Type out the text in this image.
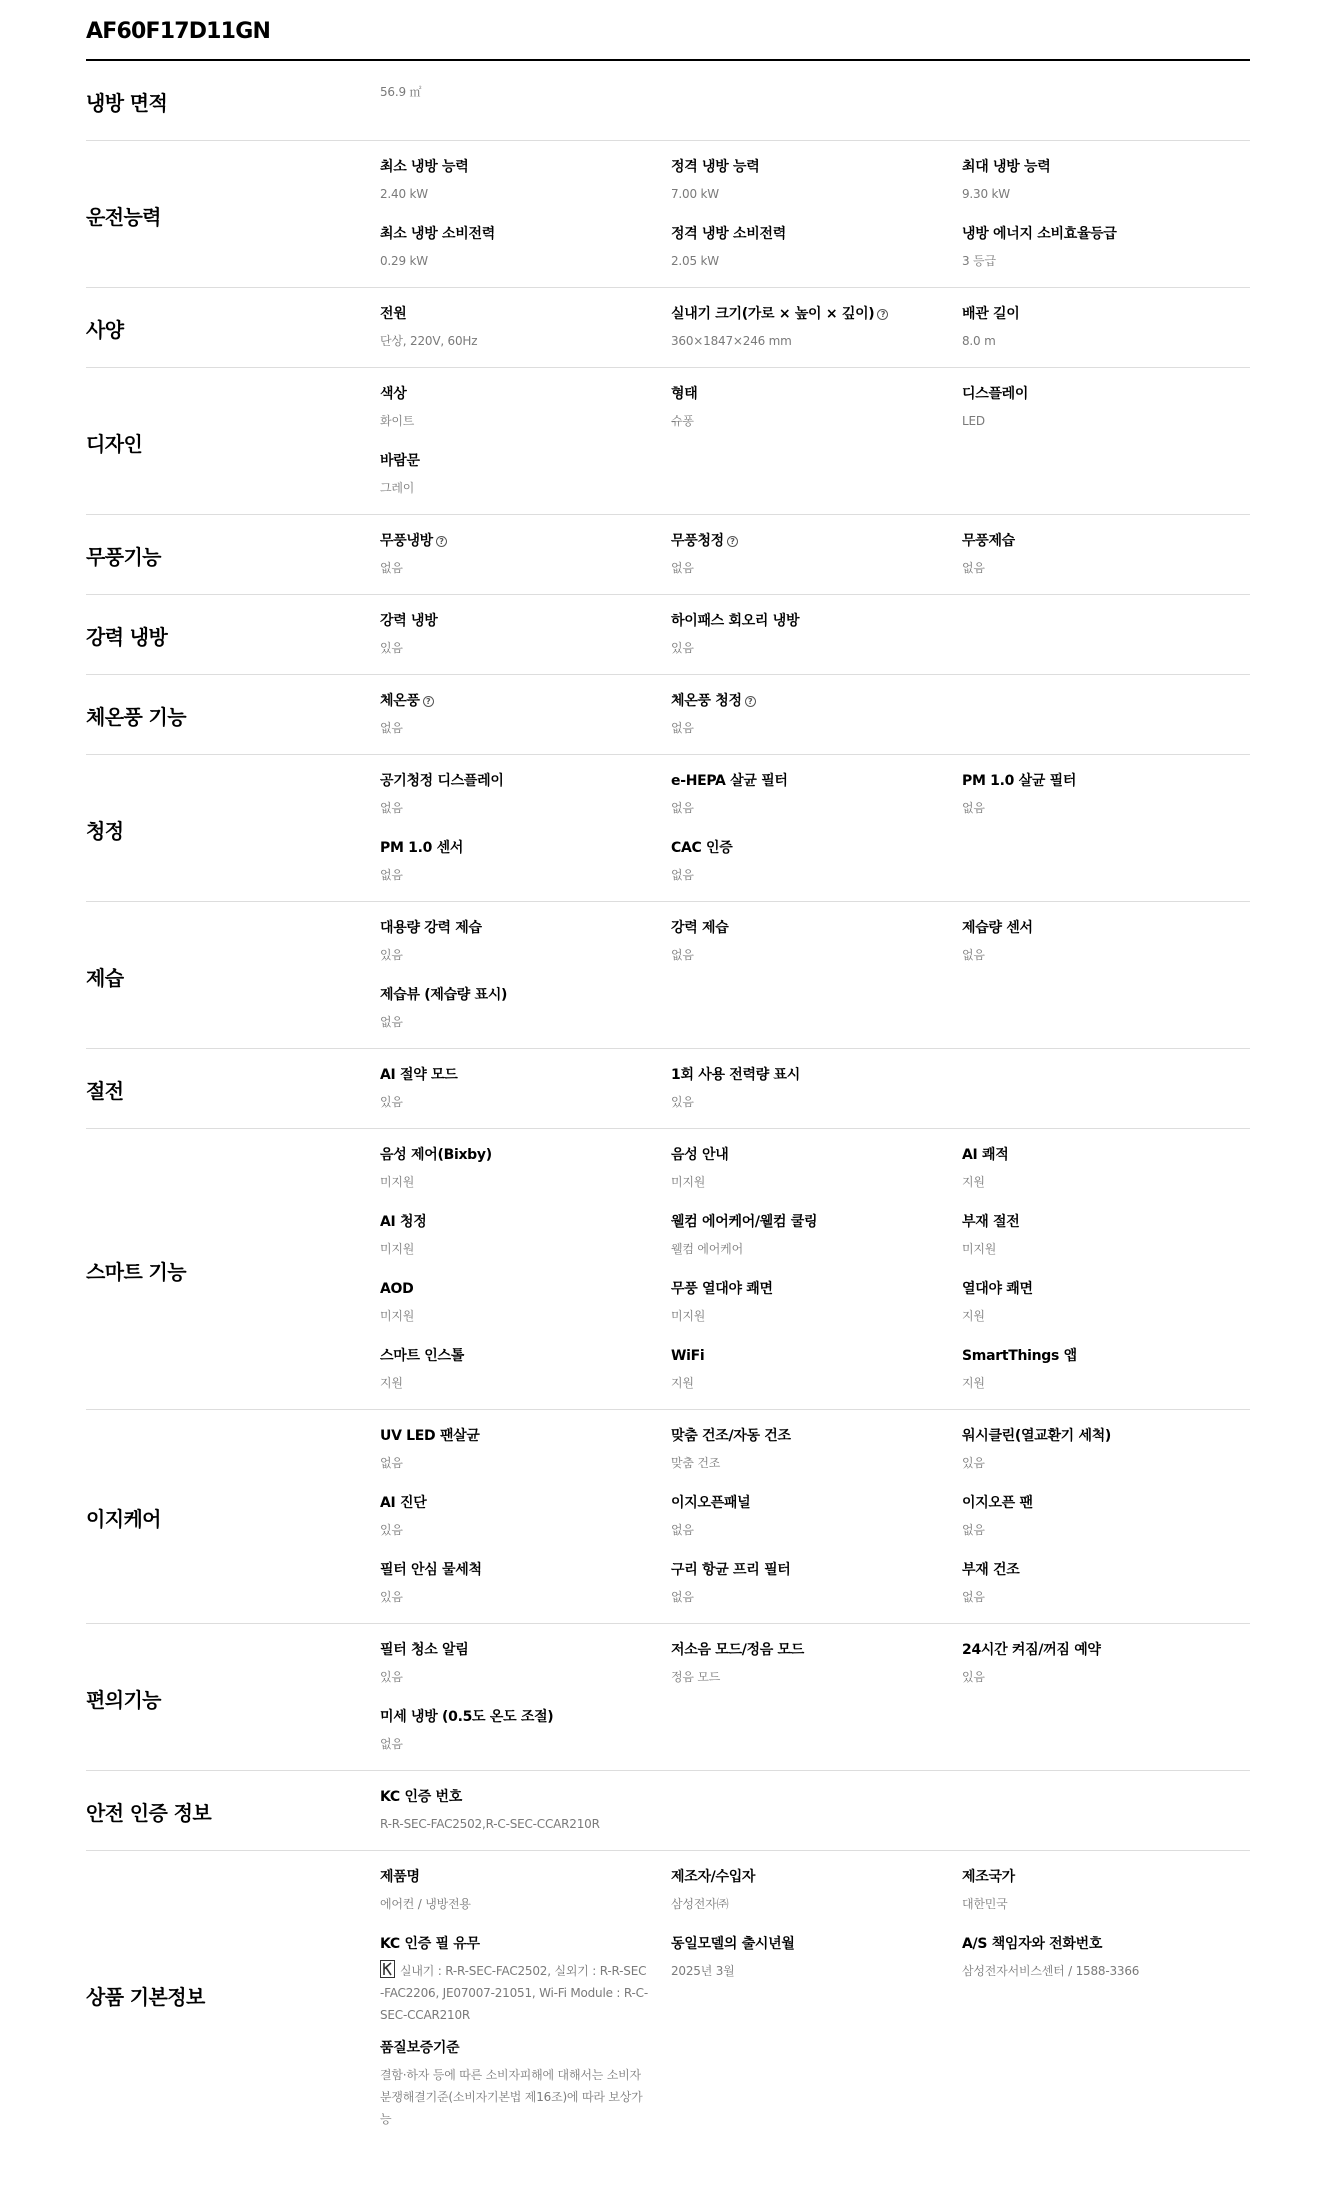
AF60F17D11GN
냉방 면적	56.9 ㎡
운전능력
최소 냉방 능력
2.40 kW
정격 냉방 능력
7.00 kW
최대 냉방 능력
9.30 kW
최소 냉방 소비전력
0.29 kW
정격 냉방 소비전력
2.05 kW
냉방 에너지 소비효율등급
3 등급
사양
전원
단상, 220V, 60Hz
실내기 크기(가로 × 높이 × 깊이) ?
360×1847×246 mm
배관 길이
8.0 m
디자인
색상
화이트
형태
슈퐁
디스플레이
LED
바람문
그레이
무풍기능
무풍냉방 ?
없음
무풍청정 ?
없음
무풍제습
없음
강력 냉방
강력 냉방
있음
하이패스 회오리 냉방
있음
체온풍 기능
체온풍 ?
없음
체온풍 청정 ?
없음
청정
공기청정 디스플레이
없음
e-HEPA 살균 필터
없음
PM 1.0 살균 필터
없음
PM 1.0 센서
없음
CAC 인증
없음
제습
대용량 강력 제습
있음
강력 제습
없음
제습량 센서
없음
제습뷰 (제습량 표시)
없음
절전
AI 절약 모드
있음
1회 사용 전력량 표시
있음
스마트 기능
음성 제어(Bixby)
미지원
음성 안내
미지원
AI 쾌적
지원
AI 청정
미지원
웰컴 에어케어/웰컴 쿨링
웰컴 에어케어
부재 절전
미지원
AOD
미지원
무풍 열대야 쾌면
미지원
열대야 쾌면
지원
스마트 인스톨
지원
WiFi
지원
SmartThings 앱
지원
이지케어
UV LED 팬살균
없음
맞춤 건조/자동 건조
맞춤 건조
워시클린(열교환기 세척)
있음
AI 진단
있음
이지오픈패널
없음
이지오픈 팬
없음
필터 안심 물세척
있음
구리 항균 프리 필터
없음
부재 건조
없음
편의기능
필터 청소 알림
있음
저소음 모드/정음 모드
정음 모드
24시간 켜짐/꺼짐 예약
있음
미세 냉방 (0.5도 온도 조절)
없음
안전 인증 정보
KC 인증 번호
R-R-SEC-FAC2502,R-C-SEC-CCAR210R
상품 기본정보
제품명
에어컨 / 냉방전용
제조자/수입자
삼성전자㈜
제조국가
대한민국
KC 인증 필 유무
실내기 : R-R-SEC-FAC2502, 실외기 : R-R-SEC-FAC2206, JE07007-21051, Wi-Fi Module : R-C-SEC-CCAR210R
동일모델의 출시년월
2025년 3월
A/S 책임자와 전화번호
삼성전자서비스센터 / 1588-3366
품질보증기준
결함·하자 등에 따른 소비자피해에 대해서는 소비자분쟁해결기준(소비자기본법 제16조)에 따라 보상가능
